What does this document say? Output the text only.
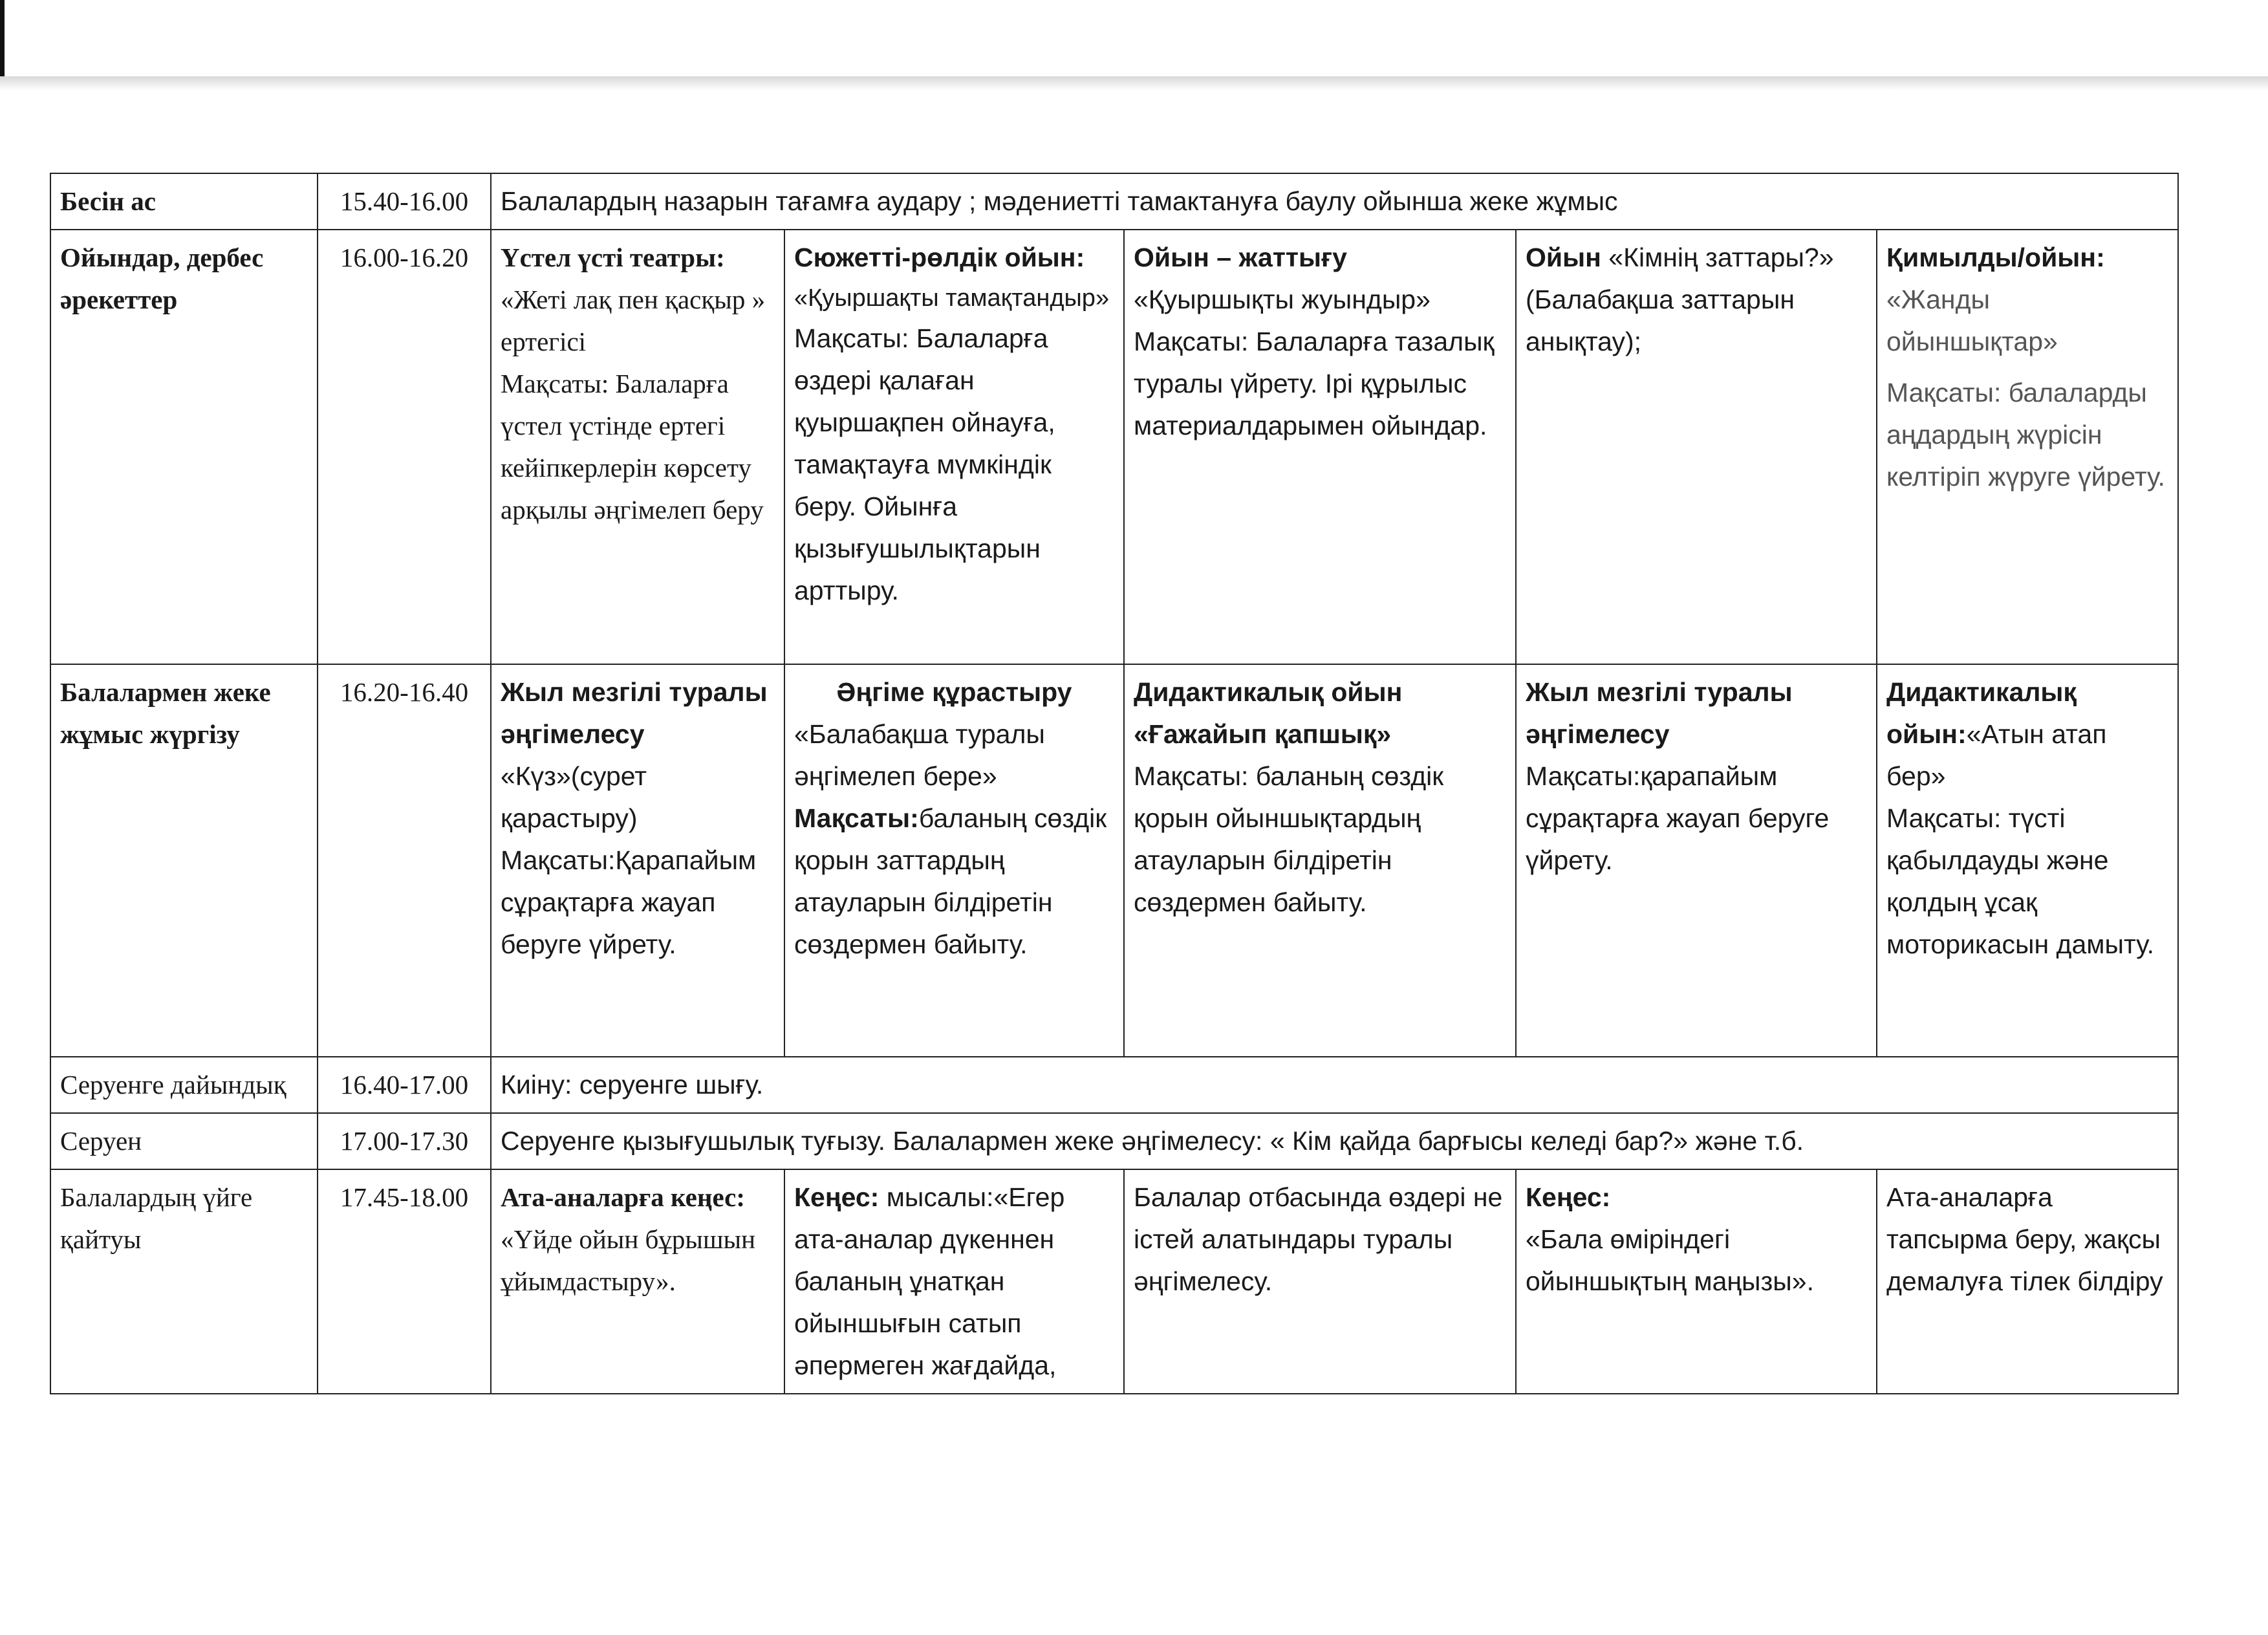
Бесін ас	15.40-16.00	Балалардың назарын тағамға аудару ; мәдениетті тамактануға баулу ойынша жеке жұмыс				
Ойындар, дербес әрекеттер	16.00-16.20	Үстел үсті театры:
«Жеті лақ пен қасқыр » ертегісі
Мақсаты: Балаларға үстел үстінде ертегі кейіпкерлерін көрсету арқылы әңгімелеп беру	Сюжетті-рөлдік ойын:
«Қуыршақты тамақтандыр»
Мақсаты: Балаларға өздері қалаған қуыршақпен ойнауға, тамақтауға мүмкіндік беру. Ойынға қызығушылықтарын арттыру.	Ойын – жаттығу
«Қуыршықты жуындыр»
Мақсаты: Балаларға тазалық туралы үйрету. Ірі құрылыс материалдарымен ойындар.	Ойын «Кімнің заттары?» (Балабақша заттарын анықтау);	Қимылды/ойын:
«Жанды ойыншықтар»
Мақсаты: балаларды аңдардың жүрісін келтіріп жүруге үйрету.

Балалармен жеке жұмыс жүргізу	16.20-16.40	Жыл мезгілі туралы әңгімелесу
«Күз»(сурет қарастыру)
Мақсаты:Қарапайым сұрақтарға жауап беруге үйрету.	Әңгіме құрастыру
«Балабақша туралы әңгімелеп бере»
Мақсаты:баланың сөздік қорын заттардың атауларын білдіретін сөздермен байыту.	Дидактикалық ойын «Ғажайып қапшық»
Мақсаты: баланың сөздік қорын ойыншықтардың атауларын білдіретін сөздермен байыту.	Жыл мезгілі туралы әңгімелесу
Мақсаты:қарапайым сұрақтарға жауап беруге үйрету.	Дидактикалық ойын:«Атын атап бер»
Мақсаты: түсті қабылдауды және қолдың ұсақ моторикасын дамыту.

Серуенге дайындық	16.40-17.00	Киіну: серуенге шығу.				
Серуен	17.00-17.30	Серуенге қызығушылық туғызу. Балалармен жеке әңгімелесу: « Кім қайда барғысы келеді бар?» және т.б.				
Балалардың үйге қайтуы	17.45-18.00	Ата-аналарға кеңес:
«Үйде ойын бұрышын ұйымдастыру».	Кеңес: мысалы:«Егер ата-аналар дүкеннен баланың ұнатқан ойыншығын сатып әпермеген жағдайда,	Балалар отбасында өздері не істей алатындары туралы әңгімелесу.	Кеңес:
«Бала өміріндегі ойыншықтың маңызы».	Ата-аналарға тапсырма беру, жақсы демалуға тілек білдіру
